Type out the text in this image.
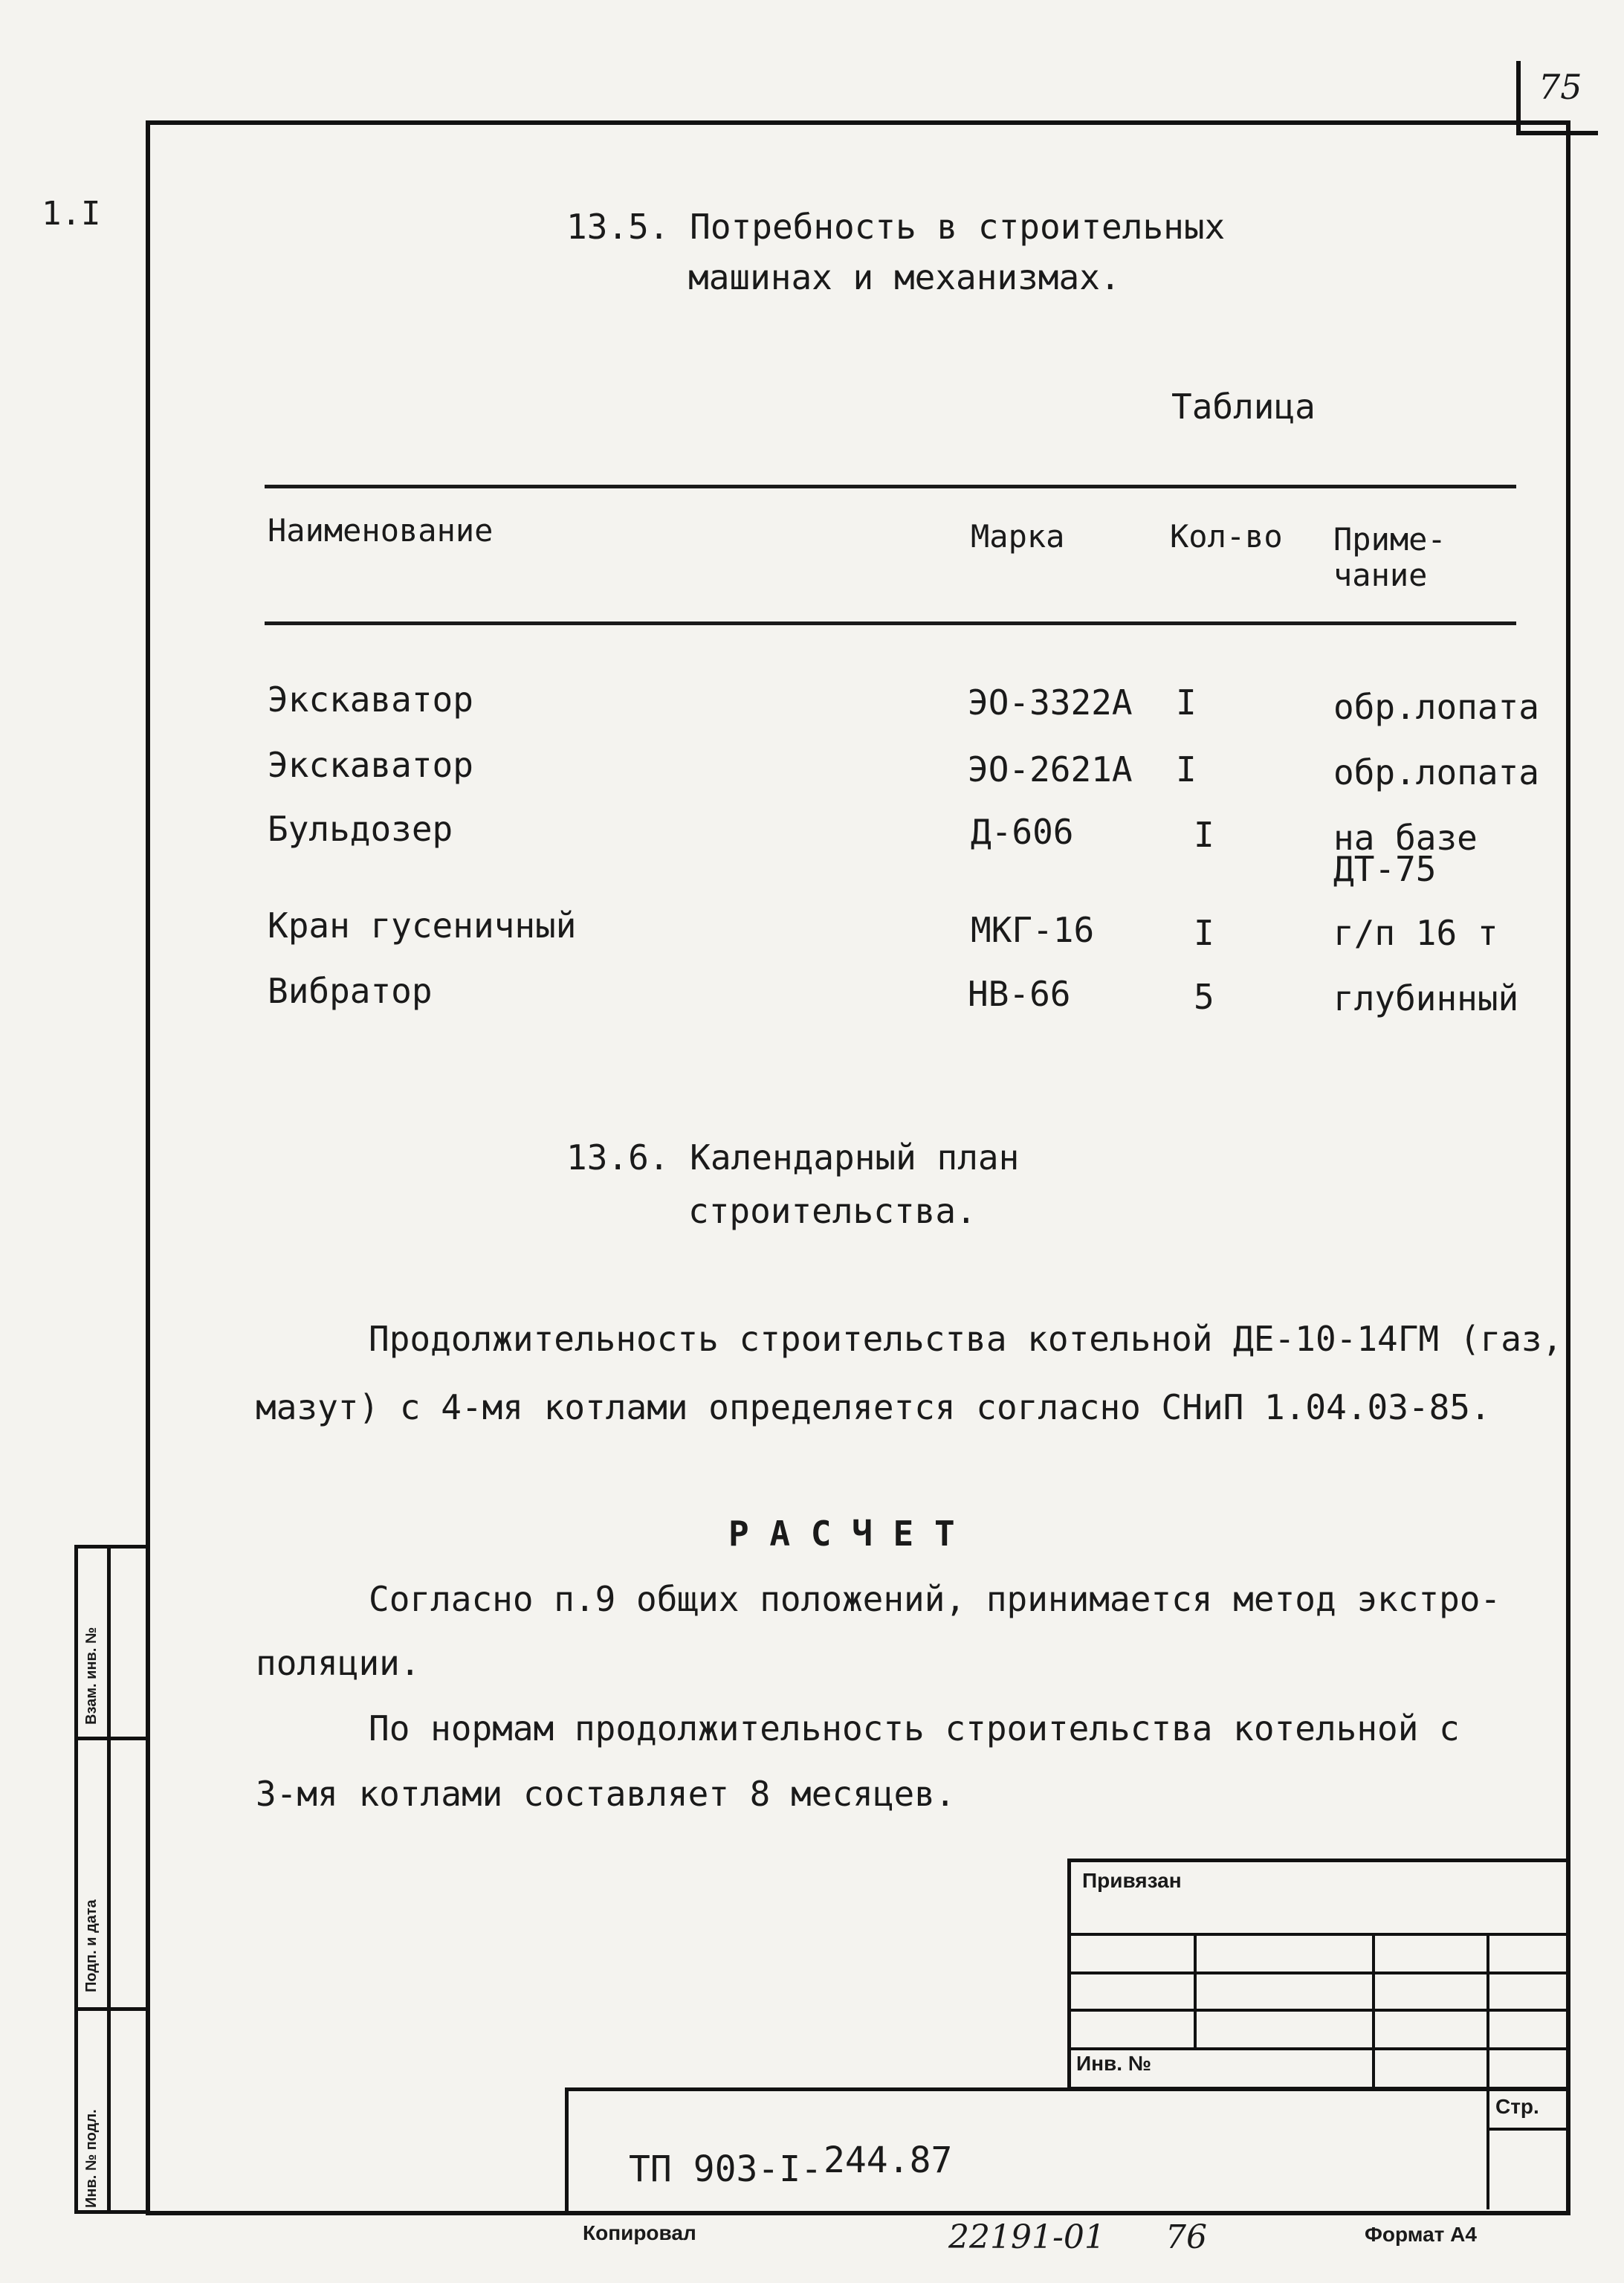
75
1.I
Взам. инв. №
Подп. и дата
Инв. № подл.
13.5. Потребность в строительных
машинах и механизмах.
Таблица
Наименование	Марка	Кол-во Приме-
чание
Экскаватор	ЭО-3322А I	обр.лопата
Экскаватор	ЭО-2621А I	обр.лопата
Бульдозер	Д-606	I	на базе
ДТ-75
Кран гусеничный	МКГ-16	I	г/п 16 т
Вибратор	НВ-66	5	глубинный
13.6. Календарный план
строительства.
Продолжительность строительства котельной ДЕ-10-14ГМ (газ,
мазут) с 4-мя котлами определяется согласно СНиП 1.04.03-85.
Р А С Ч Е Т
Согласно п.9 общих положений, принимается метод экстро-
поляции.
По нормам продолжительность строительства котельной с
3-мя котлами составляет 8 месяцев.
Привязан
Инв. №
Стр.
ТП 903-I- 244.87
Копировал	22191-01 76	Формат А4
